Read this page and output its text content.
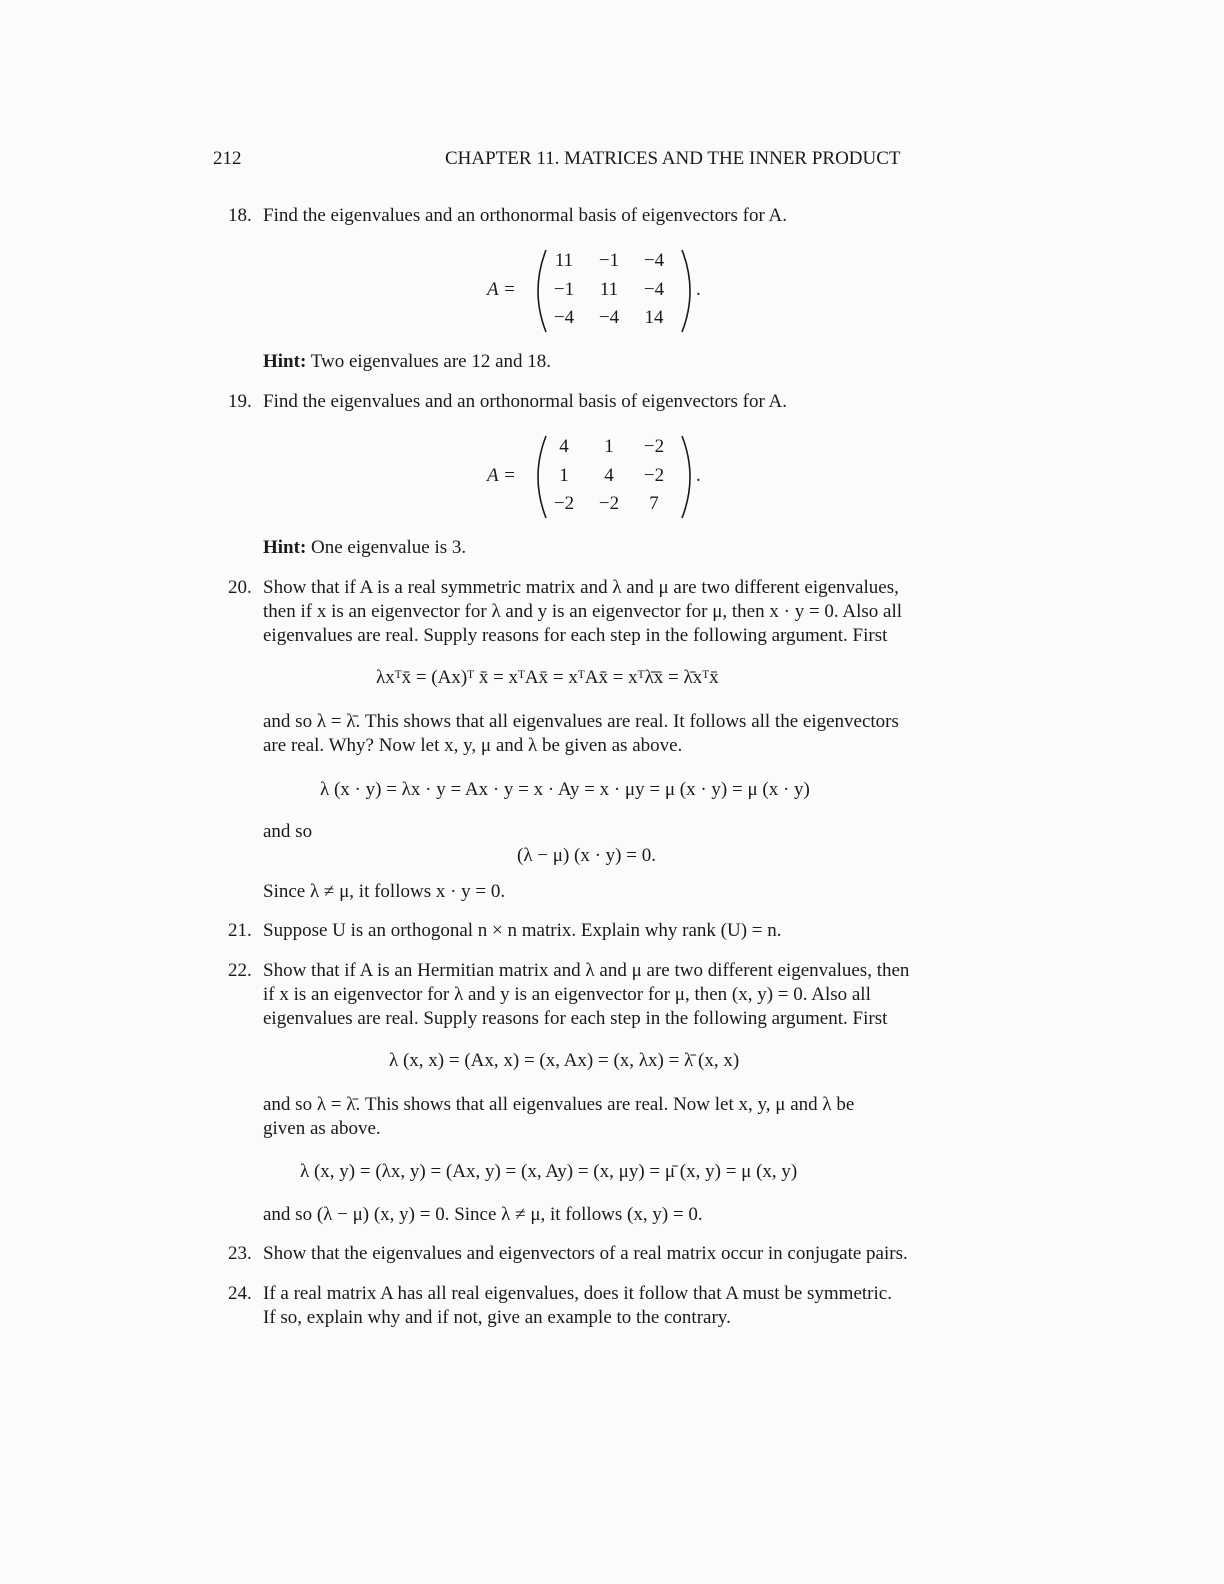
212	CHAPTER 11. MATRICES AND THE INNER PRODUCT
18. Find the eigenvalues and an orthonormal basis of eigenvectors for A.
A =
11	−1	−4
−1	11	−4
−4	−4	14
.
Hint: Two eigenvalues are 12 and 18.
19. Find the eigenvalues and an orthonormal basis of eigenvectors for A.
A =
4	1	−2
1	4	−2
−2	−2	7
.
Hint: One eigenvalue is 3.
20. Show that if A is a real symmetric matrix and λ and μ are two different eigenvalues,
then if x is an eigenvector for λ and y is an eigenvector for μ, then x · y = 0. Also all
eigenvalues are real. Supply reasons for each step in the following argument. First
λxᵀx̄ = (Ax)ᵀ x̄ = xᵀAx̄ = xᵀAx̄ = xᵀλ̄x̄ = λ̄xᵀx̄
and so λ = λ̄. This shows that all eigenvalues are real. It follows all the eigenvectors
are real. Why? Now let x, y, μ and λ be given as above.
λ (x · y) = λx · y = Ax · y = x · Ay = x · μy = μ (x · y) = μ (x · y)
and so
(λ − μ) (x · y) = 0.
Since λ ≠ μ, it follows x · y = 0.
21. Suppose U is an orthogonal n × n matrix. Explain why rank (U) = n.
22. Show that if A is an Hermitian matrix and λ and μ are two different eigenvalues, then
if x is an eigenvector for λ and y is an eigenvector for μ, then (x, y) = 0. Also all
eigenvalues are real. Supply reasons for each step in the following argument. First
λ (x, x) = (Ax, x) = (x, Ax) = (x, λx) = λ̄ (x, x)
and so λ = λ̄. This shows that all eigenvalues are real. Now let x, y, μ and λ be
given as above.
λ (x, y) = (λx, y) = (Ax, y) = (x, Ay) = (x, μy) = μ̄ (x, y) = μ (x, y)
and so (λ − μ) (x, y) = 0. Since λ ≠ μ, it follows (x, y) = 0.
23. Show that the eigenvalues and eigenvectors of a real matrix occur in conjugate pairs.
24. If a real matrix A has all real eigenvalues, does it follow that A must be symmetric.
If so, explain why and if not, give an example to the contrary.
